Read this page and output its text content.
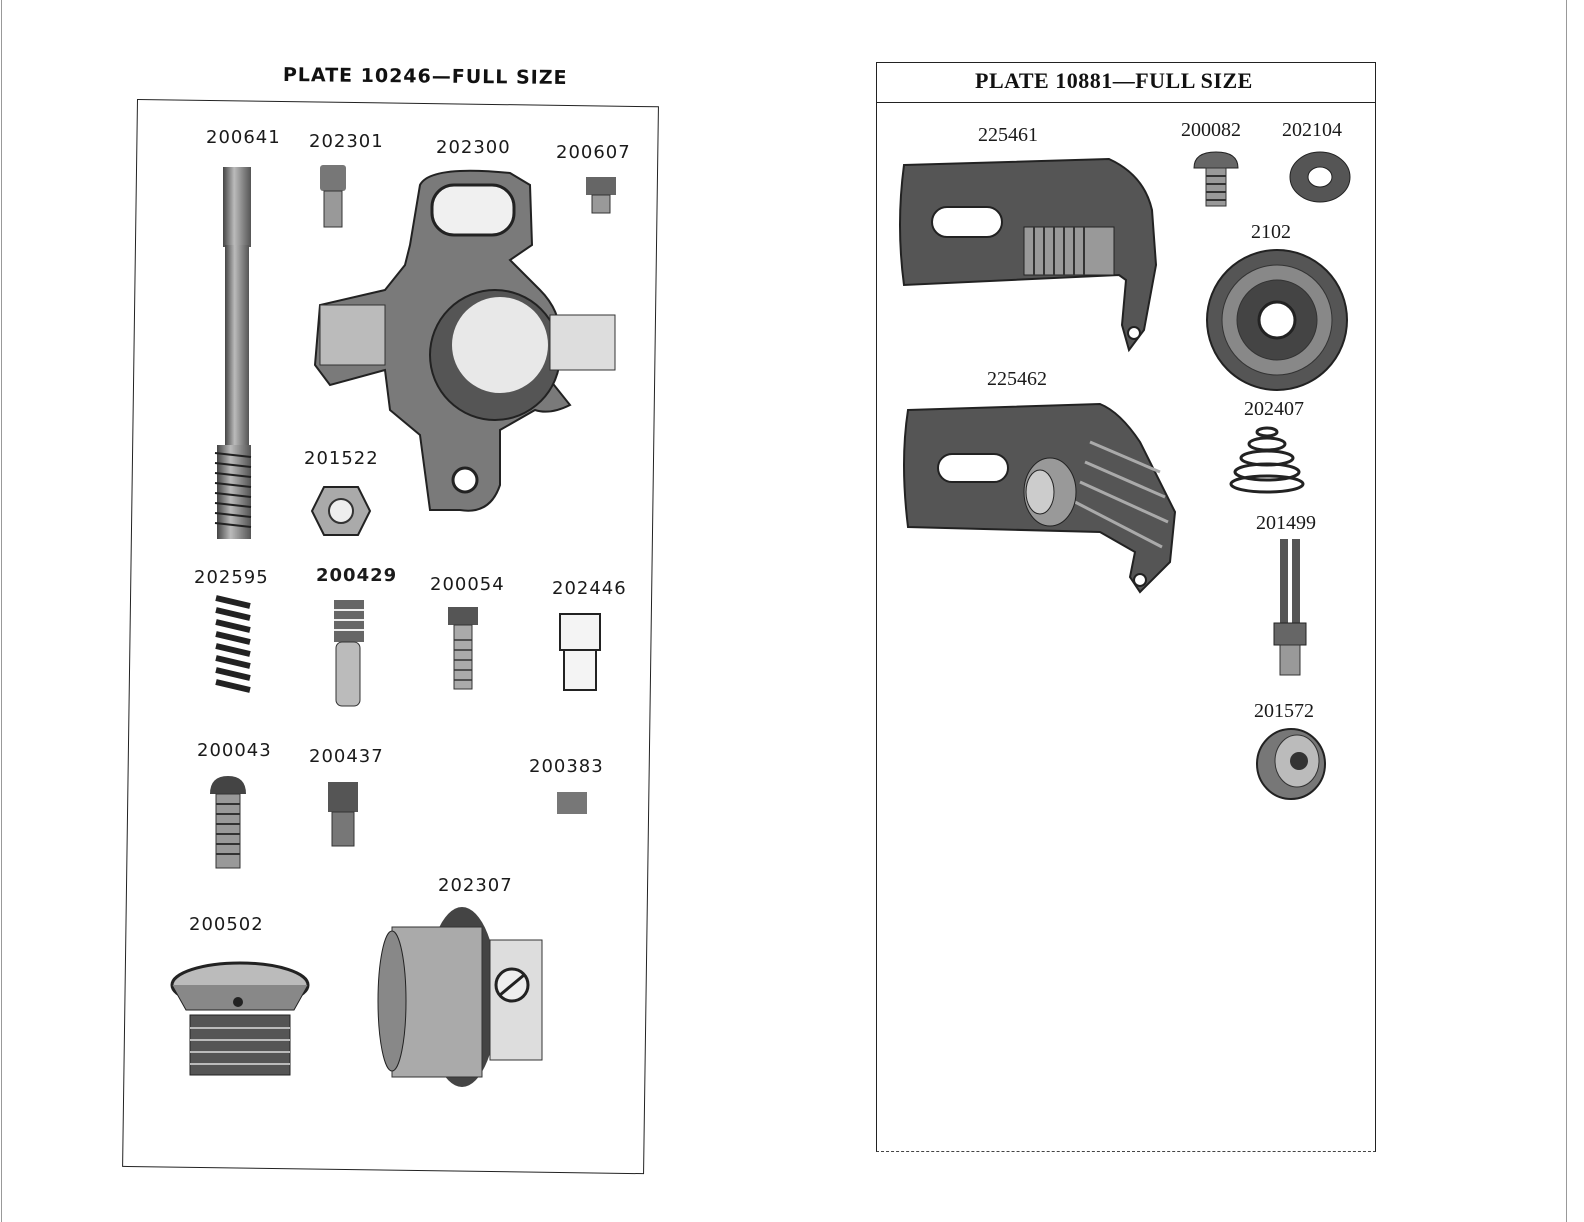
PLATE 10246—FULL SIZE
200641 202301	202300	200607
201522
202595	200429 200054	202446
200043 200437	200383
202307
200502
PLATE 10881—FULL SIZE
225461	200082 202104
2102
225462
202407
201499
201572
